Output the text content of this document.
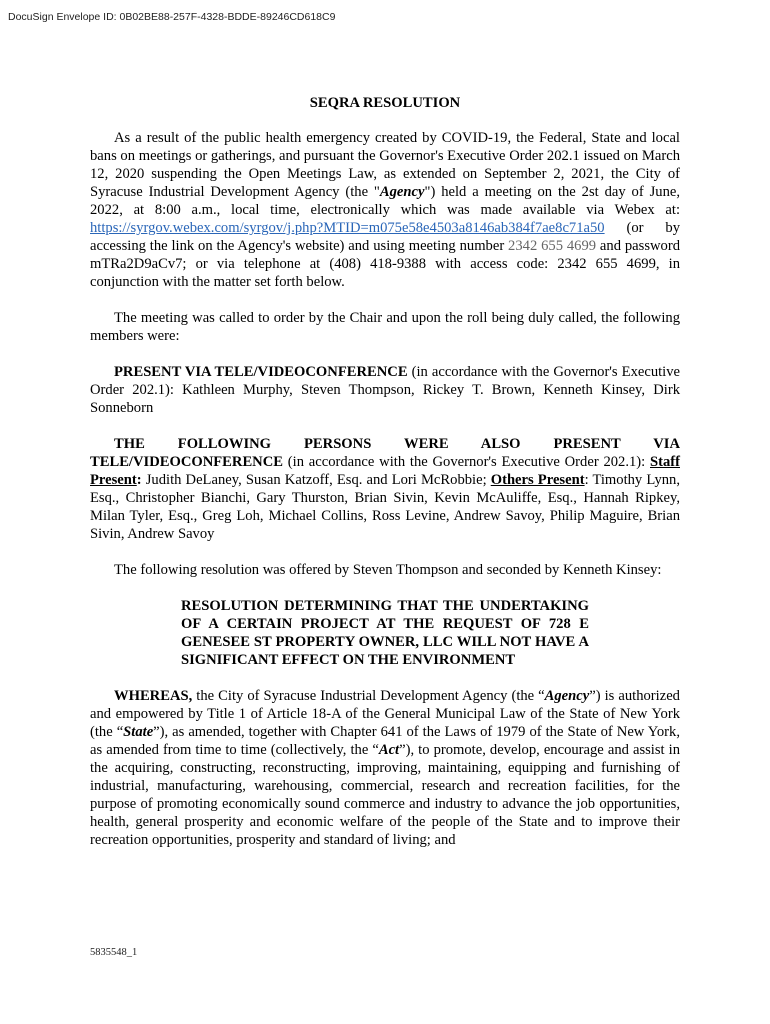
DocuSign Envelope ID: 0B02BE88-257F-4328-BDDE-89246CD618C9
SEQRA RESOLUTION

As a result of the public health emergency created by COVID-19, the Federal, State and local bans on meetings or gatherings, and pursuant the Governor's Executive Order 202.1 issued on March 12, 2020 suspending the Open Meetings Law, as extended on September 2, 2021, the City of Syracuse Industrial Development Agency (the "Agency") held a meeting on the 2st day of June, 2022, at 8:00 a.m., local time, electronically which was made available via Webex at: https://syrgov.webex.com/syrgov/j.php?MTID=m075e58e4503a8146ab384f7ae8c71a50 (or by accessing the link on the Agency's website) and using meeting number 2342 655 4699 and password mTRa2D9aCv7; or via telephone at (408) 418-9388 with access code: 2342 655 4699, in conjunction with the matter set forth below.

The meeting was called to order by the Chair and upon the roll being duly called, the following members were:

PRESENT VIA TELE/VIDEOCONFERENCE (in accordance with the Governor's Executive Order 202.1): Kathleen Murphy, Steven Thompson, Rickey T. Brown, Kenneth Kinsey, Dirk Sonneborn

THE FOLLOWING PERSONS WERE ALSO PRESENT VIA TELE/VIDEOCONFERENCE (in accordance with the Governor's Executive Order 202.1): Staff Present: Judith DeLaney, Susan Katzoff, Esq. and Lori McRobbie; Others Present: Timothy Lynn, Esq., Christopher Bianchi, Gary Thurston, Brian Sivin, Kevin McAuliffe, Esq., Hannah Ripkey, Milan Tyler, Esq., Greg Loh, Michael Collins, Ross Levine, Andrew Savoy, Philip Maguire, Brian Sivin, Andrew Savoy

The following resolution was offered by Steven Thompson and seconded by Kenneth Kinsey:

RESOLUTION DETERMINING THAT THE UNDERTAKING OF A CERTAIN PROJECT AT THE REQUEST OF 728 E GENESEE ST PROPERTY OWNER, LLC WILL NOT HAVE A SIGNIFICANT EFFECT ON THE ENVIRONMENT

WHEREAS, the City of Syracuse Industrial Development Agency (the “Agency”) is authorized and empowered by Title 1 of Article 18-A of the General Municipal Law of the State of New York (the “State”), as amended, together with Chapter 641 of the Laws of 1979 of the State of New York, as amended from time to time (collectively, the “Act”), to promote, develop, encourage and assist in the acquiring, constructing, reconstructing, improving, maintaining, equipping and furnishing of industrial, manufacturing, warehousing, commercial, research and recreation facilities, for the purpose of promoting economically sound commerce and industry to advance the job opportunities, health, general prosperity and economic welfare of the people of the State and to improve their recreation opportunities, prosperity and standard of living; and

5835548_1
